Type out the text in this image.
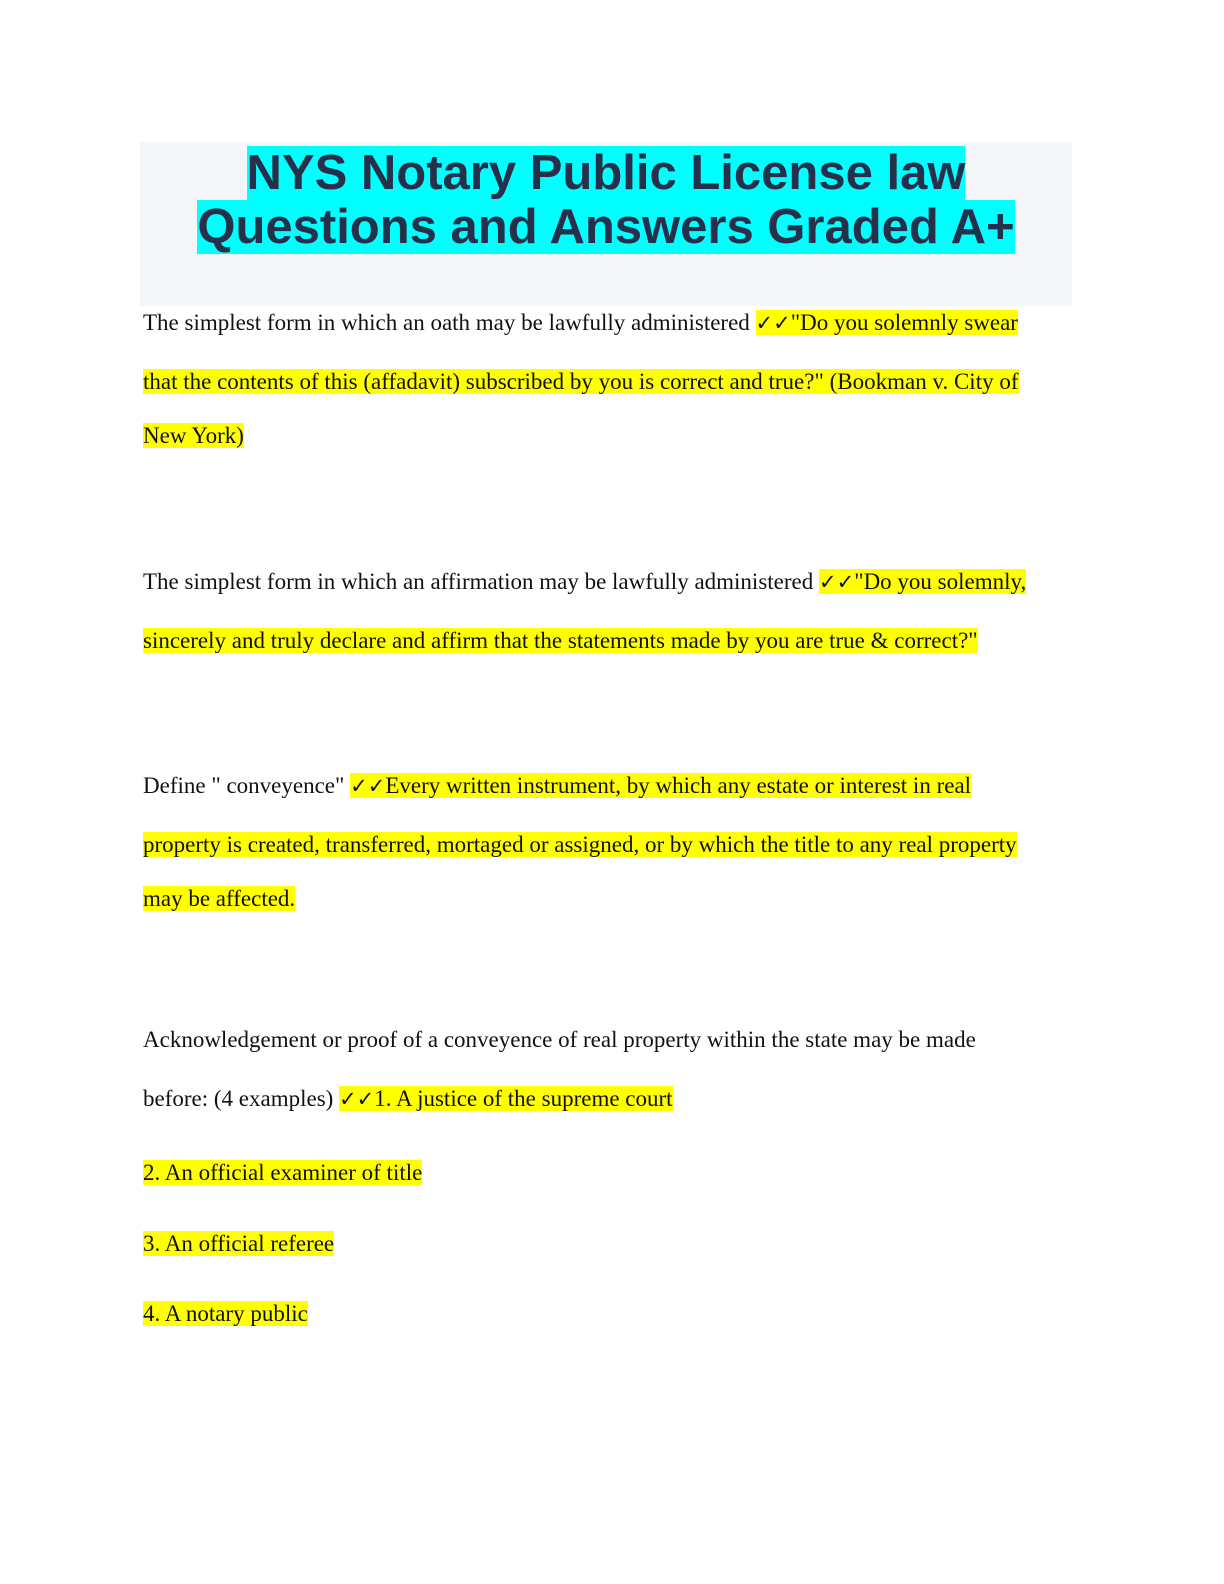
NYS Notary Public License law
Questions and Answers Graded A+
The simplest form in which an oath may be lawfully administered ✓✓"Do you solemnly swear
that the contents of this (affadavit) subscribed by you is correct and true?" (Bookman v. City of
New York)
The simplest form in which an affirmation may be lawfully administered ✓✓"Do you solemnly,
sincerely and truly declare and affirm that the statements made by you are true & correct?"
Define " conveyence" ✓✓Every written instrument, by which any estate or interest in real
property is created, transferred, mortaged or assigned, or by which the title to any real property
may be affected.
Acknowledgement or proof of a conveyence of real property within the state may be made
before: (4 examples) ✓✓1. A justice of the supreme court
2. An official examiner of title
3. An official referee
4. A notary public
